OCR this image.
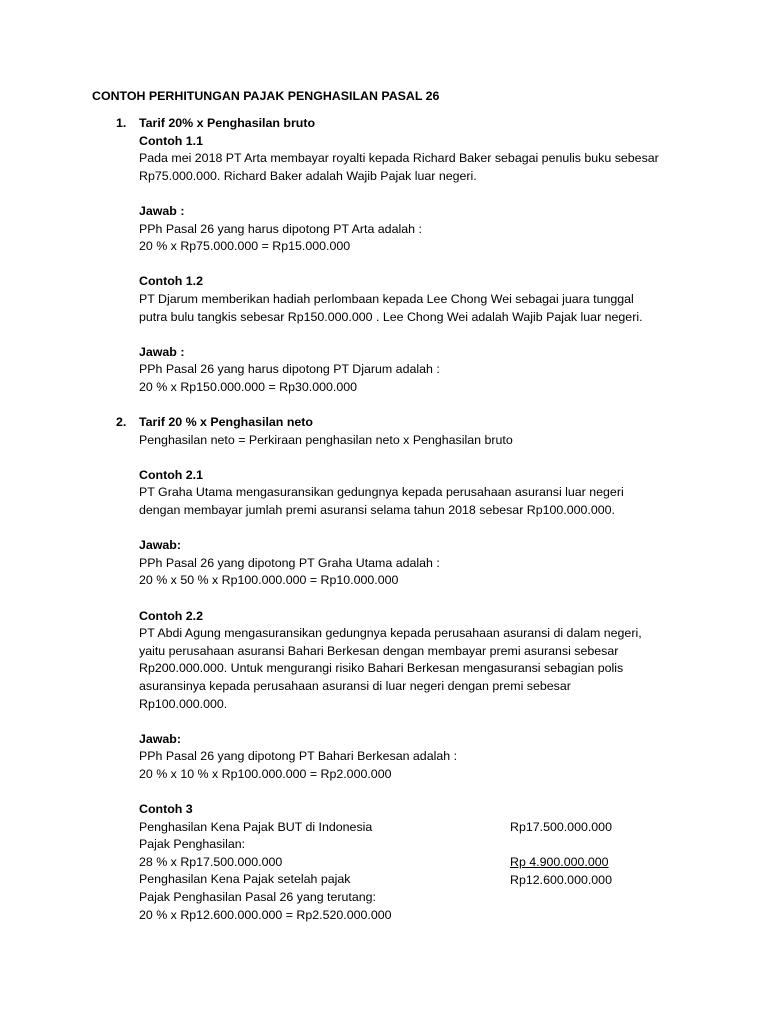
CONTOH PERHITUNGAN PAJAK PENGHASILAN PASAL 26
1. Tarif 20% x Penghasilan bruto
Contoh 1.1
Pada mei 2018 PT Arta membayar royalti kepada Richard Baker sebagai penulis buku sebesar
Rp75.000.000. Richard Baker adalah Wajib Pajak luar negeri.
Jawab :
PPh Pasal 26 yang harus dipotong PT Arta adalah :
20 % x Rp75.000.000 = Rp15.000.000
Contoh 1.2
PT Djarum memberikan hadiah perlombaan kepada Lee Chong Wei sebagai juara tunggal
putra bulu tangkis sebesar Rp150.000.000 . Lee Chong Wei adalah Wajib Pajak luar negeri.
Jawab :
PPh Pasal 26 yang harus dipotong PT Djarum adalah :
20 % x Rp150.000.000 = Rp30.000.000
2. Tarif 20 % x Penghasilan neto
Penghasilan neto = Perkiraan penghasilan neto x Penghasilan bruto
Contoh 2.1
PT Graha Utama mengasuransikan gedungnya kepada perusahaan asuransi luar negeri
dengan membayar jumlah premi asuransi selama tahun 2018 sebesar Rp100.000.000.
Jawab:
PPh Pasal 26 yang dipotong PT Graha Utama adalah :
20 % x 50 % x Rp100.000.000 = Rp10.000.000
Contoh 2.2
PT Abdi Agung mengasuransikan gedungnya kepada perusahaan asuransi di dalam negeri,
yaitu perusahaan asuransi Bahari Berkesan dengan membayar premi asuransi sebesar
Rp200.000.000. Untuk mengurangi risiko Bahari Berkesan mengasuransi sebagian polis
asuransinya kepada perusahaan asuransi di luar negeri dengan premi sebesar
Rp100.000.000.
Jawab:
PPh Pasal 26 yang dipotong PT Bahari Berkesan adalah :
20 % x 10 % x Rp100.000.000 = Rp2.000.000
Contoh 3
Penghasilan Kena Pajak BUT di Indonesia
Pajak Penghasilan:
28 % x Rp17.500.000.000
Penghasilan Kena Pajak setelah pajak
Pajak Penghasilan Pasal 26 yang terutang:
20 % x Rp12.600.000.000 = Rp2.520.000.000
Rp17.500.000.000
Rp 4.900.000.000
Rp12.600.000.000
